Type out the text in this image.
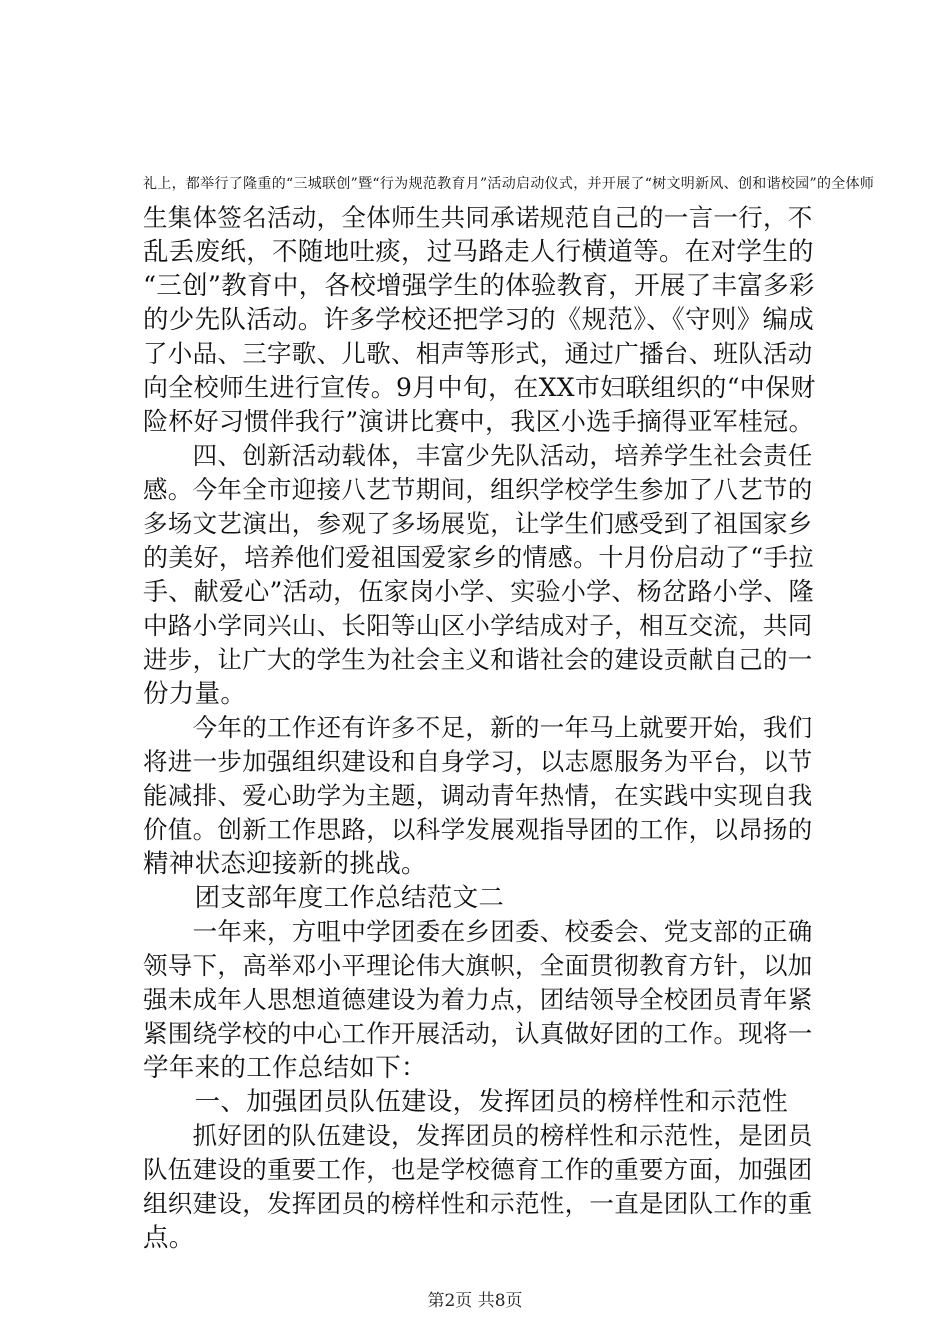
礼上，都举行了隆重的“三城联创”暨“行为规范教育月”活动启动仪式，并开展了“树文明新风、创和谐校园”的全体师
生集体签名活动，全体师生共同承诺规范自己的一言一行，不
乱丢废纸，不随地吐痰，过马路走人行横道等。在对学生的
“三创”教育中，各校增强学生的体验教育，开展了丰富多彩
的少先队活动。许多学校还把学习的《规范》、《守则》编成
了小品、三字歌、儿歌、相声等形式，通过广播台、班队活动
向全校师生进行宣传。9月中旬，在XX市妇联组织的“中保财
险杯好习惯伴我行”演讲比赛中，我区小选手摘得亚军桂冠。
　　四、创新活动载体，丰富少先队活动，培养学生社会责任
感。今年全市迎接八艺节期间，组织学校学生参加了八艺节的
多场文艺演出，参观了多场展览，让学生们感受到了祖国家乡
的美好，培养他们爱祖国爱家乡的情感。十月份启动了“手拉
手、献爱心”活动，伍家岗小学、实验小学、杨岔路小学、隆
中路小学同兴山、长阳等山区小学结成对子，相互交流，共同
进步，让广大的学生为社会主义和谐社会的建设贡献自己的一
份力量。
　　今年的工作还有许多不足，新的一年马上就要开始，我们
将进一步加强组织建设和自身学习，以志愿服务为平台，以节
能减排、爱心助学为主题，调动青年热情，在实践中实现自我
价值。创新工作思路，以科学发展观指导团的工作，以昂扬的
精神状态迎接新的挑战。
　　团支部年度工作总结范文二
　　一年来，方咀中学团委在乡团委、校委会、党支部的正确
领导下，高举邓小平理论伟大旗帜，全面贯彻教育方针，以加
强未成年人思想道德建设为着力点，团结领导全校团员青年紧
紧围绕学校的中心工作开展活动，认真做好团的工作。现将一
学年来的工作总结如下：
　　一、加强团员队伍建设，发挥团员的榜样性和示范性
　　抓好团的队伍建设，发挥团员的榜样性和示范性，是团员
队伍建设的重要工作，也是学校德育工作的重要方面，加强团
组织建设，发挥团员的榜样性和示范性，一直是团队工作的重
点。
第2页 共8页
